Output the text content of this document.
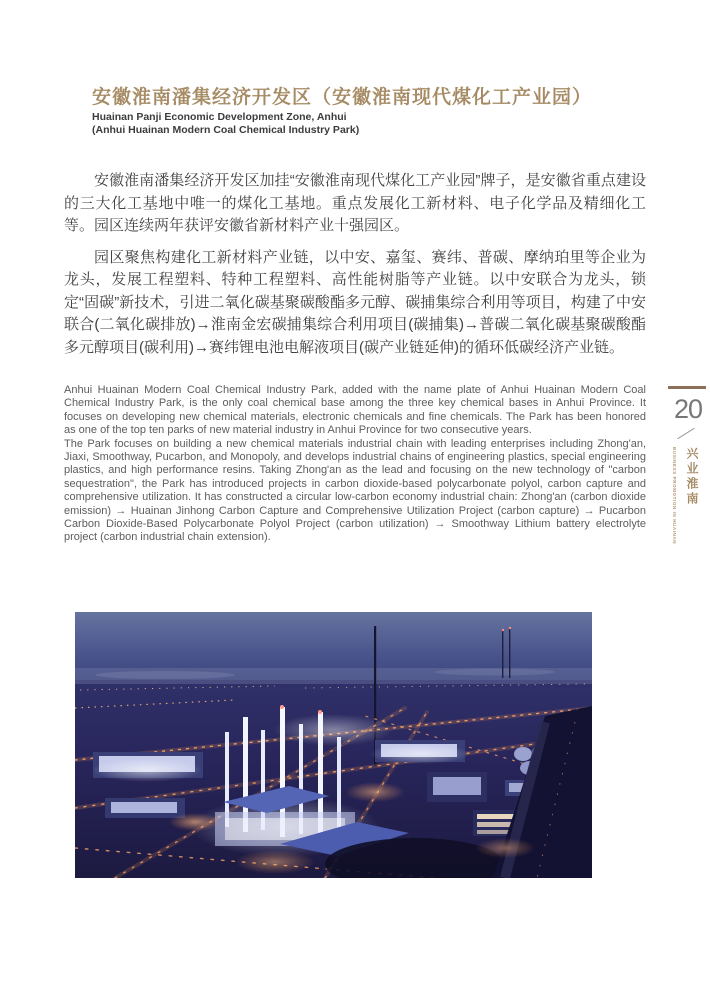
安徽淮南潘集经济开发区（安徽淮南现代煤化工产业园）
Huainan Panji Economic Development Zone, Anhui
(Anhui Huainan Modern Coal Chemical Industry Park)

安徽淮南潘集经济开发区加挂“安徽淮南现代煤化工产业园”牌子，是安徽省重点建设的三大化工基地中唯一的煤化工基地。重点发展化工新材料、电子化学品及精细化工等。园区连续两年获评安徽省新材料产业十强园区。

园区聚焦构建化工新材料产业链，以中安、嘉玺、赛纬、普碳、摩纳珀里等企业为龙头，发展工程塑料、特种工程塑料、高性能树脂等产业链。以中安联合为龙头，锁定“固碳”新技术，引进二氧化碳基聚碳酸酯多元醇、碳捕集综合利用等项目，构建了中安联合(二氧化碳排放)→淮南金宏碳捕集综合利用项目(碳捕集)→普碳二氧化碳基聚碳酸酯多元醇项目(碳利用)→赛纬锂电池电解液项目(碳产业链延伸)的循环低碳经济产业链。

Anhui Huainan Modern Coal Chemical Industry Park, added with the name plate of Anhui Huainan Modern Coal Chemical Industry Park, is the only coal chemical base among the three key chemical bases in Anhui Province. It focuses on developing new chemical materials, electronic chemicals and fine chemicals. The Park has been honored as one of the top ten parks of new material industry in Anhui Province for two consecutive years.

The Park focuses on building a new chemical materials industrial chain with leading enterprises including Zhong'an, Jiaxi, Smoothway, Pucarbon, and Monopoly, and develops industrial chains of engineering plastics, special engineering plastics, and high performance resins. Taking Zhong'an as the lead and focusing on the new technology of "carbon sequestration", the Park has introduced projects in carbon dioxide-based polycarbonate polyol, carbon capture and comprehensive utilization. It has constructed a circular low-carbon economy industrial chain: Zhong'an (carbon dioxide emission) → Huainan Jinhong Carbon Capture and Comprehensive Utilization Project (carbon capture) → Pucarbon Carbon Dioxide-Based Polycarbonate Polyol Project (carbon utilization) → Smoothway Lithium battery electrolyte project (carbon industrial chain extension).

20
兴业淮南
BUSINESS PROMOTION IN HUAINAN
